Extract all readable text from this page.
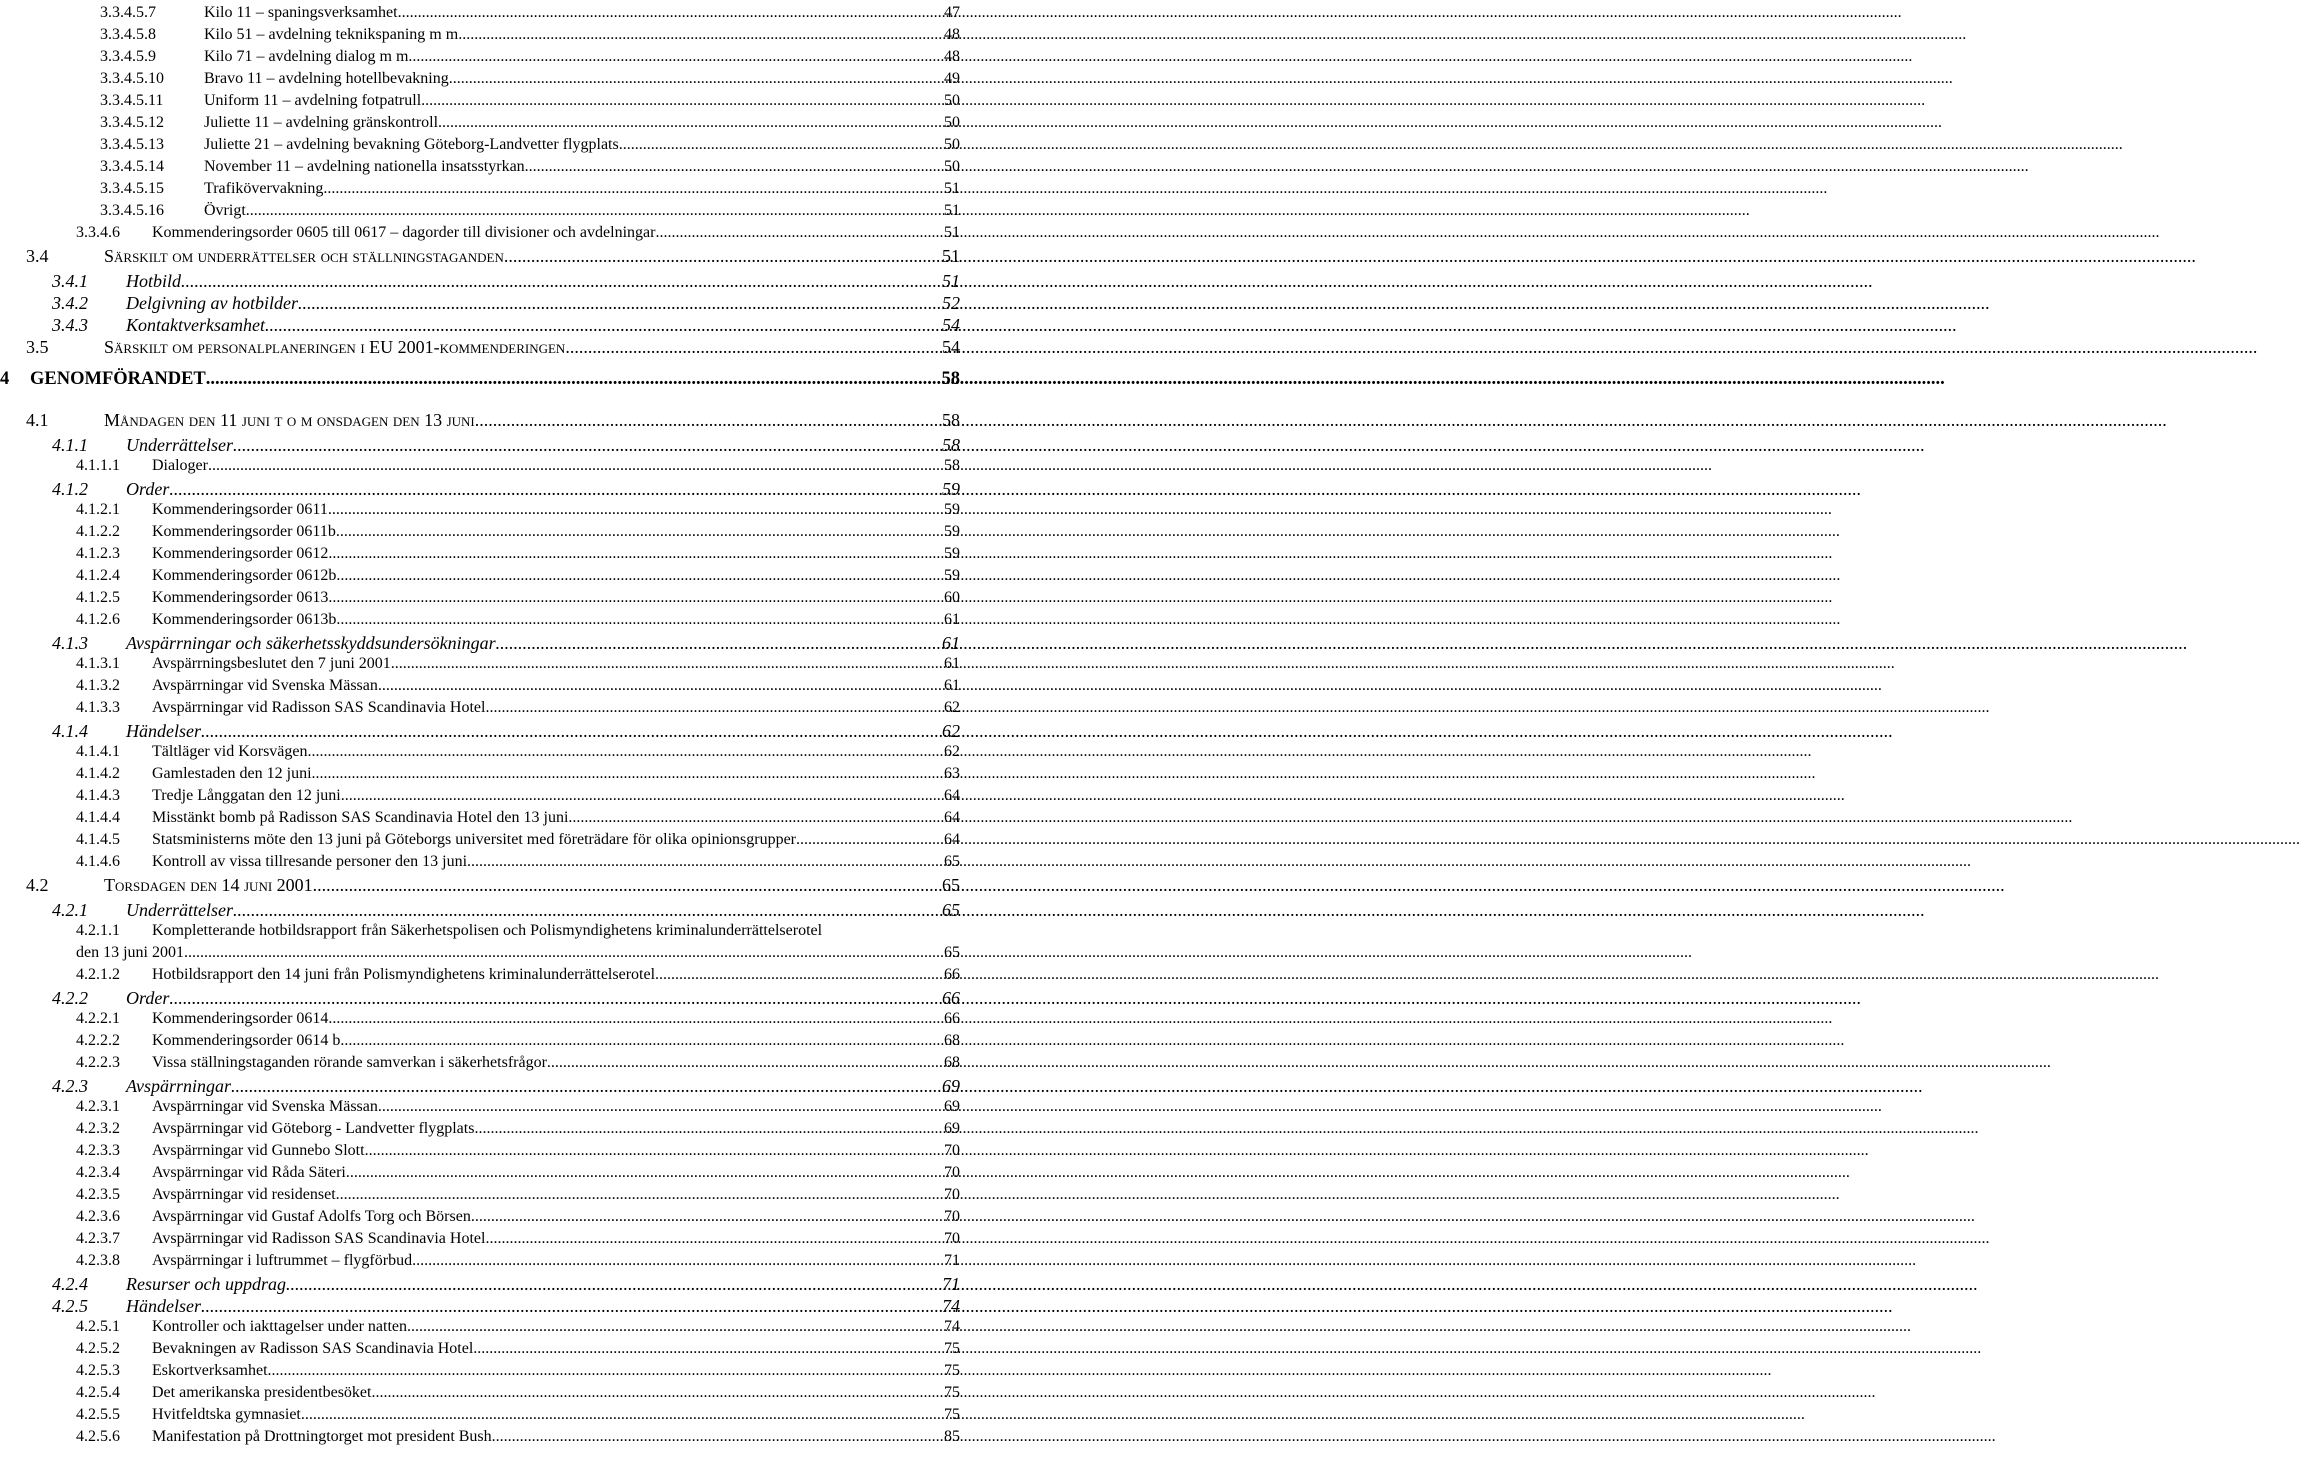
3.3.4.5.7	Kilo 11 – spaningsverksamhet .....	47
3.3.4.5.8	Kilo 51 – avdelning teknikspaning m m. .....	48
3.3.4.5.9	Kilo 71 – avdelning dialog m m .....	48
3.3.4.5.10	Bravo 11 – avdelning hotellbevakning .....	49
3.3.4.5.11	Uniform 11 – avdelning fotpatrull .....	50
3.3.4.5.12	Juliette 11 – avdelning gränskontroll .....	50
3.3.4.5.13	Juliette 21 – avdelning bevakning Göteborg-Landvetter flygplats .....	50
3.3.4.5.14	November 11 – avdelning nationella insatsstyrkan .....	50
3.3.4.5.15	Trafikövervakning .....	51
3.3.4.5.16	Övrigt .....	51
3.3.4.6	Kommenderingsorder 0605 till 0617 – dagorder till divisioner och avdelningar .....	51
3.4	Särskilt om underrättelser och ställningstaganden .....	51
3.4.1	Hotbild .....	51
3.4.2	Delgivning av hotbilder .....	52
3.4.3	Kontaktverksamhet .....	54
3.5	Särskilt om personalplaneringen i EU 2001-kommenderingen .....	54
4	GENOMFÖRANDET .....	58
4.1	Måndagen den 11 juni t o m onsdagen den 13 juni .....	58
4.1.1	Underrättelser .....	58
4.1.1.1	Dialoger .....	58
4.1.2	Order .....	59
4.1.2.1	Kommenderingsorder 0611 .....	59
4.1.2.2	Kommenderingsorder 0611b .....	59
4.1.2.3	Kommenderingsorder 0612 .....	59
4.1.2.4	Kommenderingsorder 0612b .....	59
4.1.2.5	Kommenderingsorder 0613 .....	60
4.1.2.6	Kommenderingsorder 0613b .....	61
4.1.3	Avspärrningar och säkerhetsskyddsundersökningar .....	61
4.1.3.1	Avspärrningsbeslutet den 7 juni 2001 .....	61
4.1.3.2	Avspärrningar vid Svenska Mässan .....	61
4.1.3.3	Avspärrningar vid Radisson SAS Scandinavia Hotel .....	62
4.1.4	Händelser .....	62
4.1.4.1	Tältläger vid Korsvägen .....	62
4.1.4.2	Gamlestaden den 12 juni .....	63
4.1.4.3	Tredje Långgatan den 12 juni .....	64
4.1.4.4	Misstänkt bomb på Radisson SAS Scandinavia Hotel den 13 juni .....	64
4.1.4.5	Statsministerns möte den 13 juni på Göteborgs universitet med företrädare för olika opinionsgrupper .....	64
4.1.4.6	Kontroll av vissa tillresande personer den 13 juni .....	65
4.2	Torsdagen den 14 juni 2001 .....	65
4.2.1	Underrättelser .....	65
4.2.1.1	Kompletterande hotbildsrapport från Säkerhetspolisen och Polismyndighetens kriminalunderrättelserotel
den 13 juni 2001. .....	65
4.2.1.2	Hotbildsrapport den 14 juni från Polismyndighetens kriminalunderrättelserotel .....	66
4.2.2	Order .....	66
4.2.2.1	Kommenderingsorder 0614 .....	66
4.2.2.2	Kommenderingsorder 0614 b .....	68
4.2.2.3	Vissa ställningstaganden rörande samverkan i säkerhetsfrågor .....	68
4.2.3	Avspärrningar .....	69
4.2.3.1	Avspärrningar vid Svenska Mässan .....	69
4.2.3.2	Avspärrningar vid Göteborg - Landvetter flygplats .....	69
4.2.3.3	Avspärrningar vid Gunnebo Slott .....	70
4.2.3.4	Avspärrningar vid Råda Säteri .....	70
4.2.3.5	Avspärrningar vid residenset .....	70
4.2.3.6	Avspärrningar vid Gustaf Adolfs Torg och Börsen .....	70
4.2.3.7	Avspärrningar vid Radisson SAS Scandinavia Hotel .....	70
4.2.3.8	Avspärrningar i luftrummet – flygförbud .....	71
4.2.4	Resurser och uppdrag .....	71
4.2.5	Händelser .....	74
4.2.5.1	Kontroller och iakttagelser under natten .....	74
4.2.5.2	Bevakningen av Radisson SAS Scandinavia Hotel. .....	75
4.2.5.3	Eskortverksamhet .....	75
4.2.5.4	Det amerikanska presidentbesöket .....	75
4.2.5.5	Hvitfeldtska gymnasiet .....	75
4.2.5.6	Manifestation på Drottningtorget mot president Bush .....	85
